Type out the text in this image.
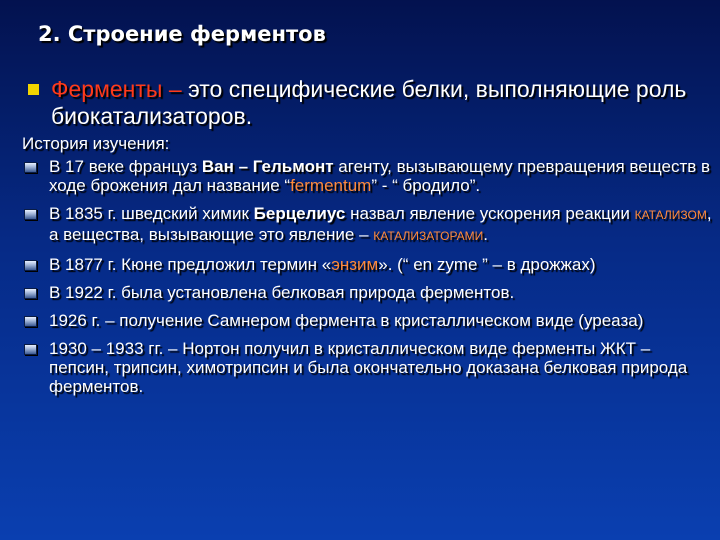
2. Строение ферментов
Ферменты – это специфические белки, выполняющие роль биокатализаторов.
История изучения:
В 17 веке француз Ван – Гельмонт агенту, вызывающему превращения веществ в ходе брожения дал название “fermentum” - “ бродило”.
В 1835 г. шведский химик Берцелиус назвал явление ускорения реакции КАТАЛИЗОМ, а вещества, вызывающие это явление – КАТАЛИЗАТОРАМИ.
В 1877 г. Кюне предложил термин «энзим». (“ en zyme ” – в дрожжах)
В 1922 г. была установлена белковая природа ферментов.
1926 г. – получение Самнером фермента в кристаллическом виде (уреаза)
1930 – 1933 гг. – Нортон получил в кристаллическом виде ферменты ЖКТ – пепсин, трипсин, химотрипсин и была окончательно доказана белковая природа ферментов.
